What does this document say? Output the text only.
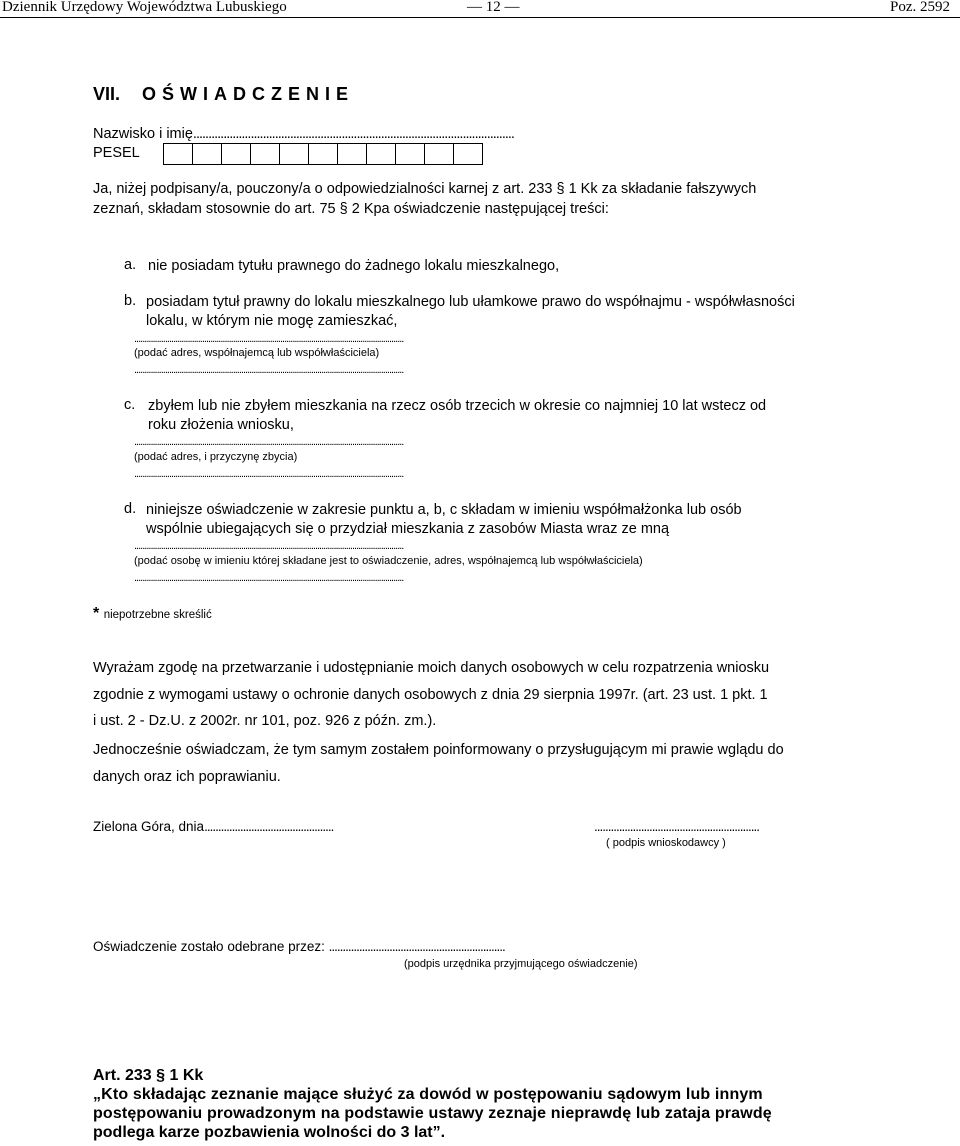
Dziennik Urzędowy Województwa Lubuskiego	— 12 —	Poz. 2592
VII. OŚWIADCZENIE
Nazwisko i imię..........................................................................................................
PESEL
Ja, niżej podpisany/a, pouczony/a o odpowiedzialności karnej z art. 233 § 1 Kk za składanie fałszywych
zeznań, składam stosownie do art. 75 § 2 Kpa oświadczenie następującej treści:
a. nie posiadam tytułu prawnego do żadnego lokalu mieszkalnego,
b. posiadam tytuł prawny do lokalu mieszkalnego lub ułamkowe prawo do współnajmu - współwłasności
lokalu, w którym nie mogę zamieszkać,
...................................................................................................................................
(podać adres, współnajemcą lub współwłaściciela)
...................................................................................................................................
c. zbyłem lub nie zbyłem mieszkania na rzecz osób trzecich w okresie co najmniej 10 lat wstecz od
roku złożenia wniosku,
...................................................................................................................................
(podać adres, i przyczynę zbycia)
...................................................................................................................................
d. niniejsze oświadczenie w zakresie punktu a, b, c składam w imieniu współmałżonka lub osób
wspólnie ubiegających się o przydział mieszkania z zasobów Miasta wraz ze mną
...................................................................................................................................
(podać osobę w imieniu której składane jest to oświadczenie, adres, współnajemcą lub współwłaściciela)
...................................................................................................................................
* niepotrzebne skreślić
Wyrażam zgodę na przetwarzanie i udostępnianie moich danych osobowych w celu rozpatrzenia wniosku
zgodnie z wymogami ustawy o ochronie danych osobowych z dnia 29 sierpnia 1997r. (art. 23 ust. 1 pkt. 1
i ust. 2 - Dz.U. z 2002r. nr 101, poz. 926 z późn. zm.).
Jednocześnie oświadczam, że tym samym zostałem poinformowany o przysługującym mi prawie wglądu do
danych oraz ich poprawianiu.
Zielona Góra, dnia...............................................	............................................................
( podpis wnioskodawcy )
Oświadczenie zostało odebrane przez: ................................................................
(podpis urzędnika przyjmującego oświadczenie)
Art. 233 § 1 Kk
„Kto składając zeznanie mające służyć za dowód w postępowaniu sądowym lub innym
postępowaniu prowadzonym na podstawie ustawy zeznaje nieprawdę lub zataja prawdę
podlega karze pozbawienia wolności do 3 lat”.
